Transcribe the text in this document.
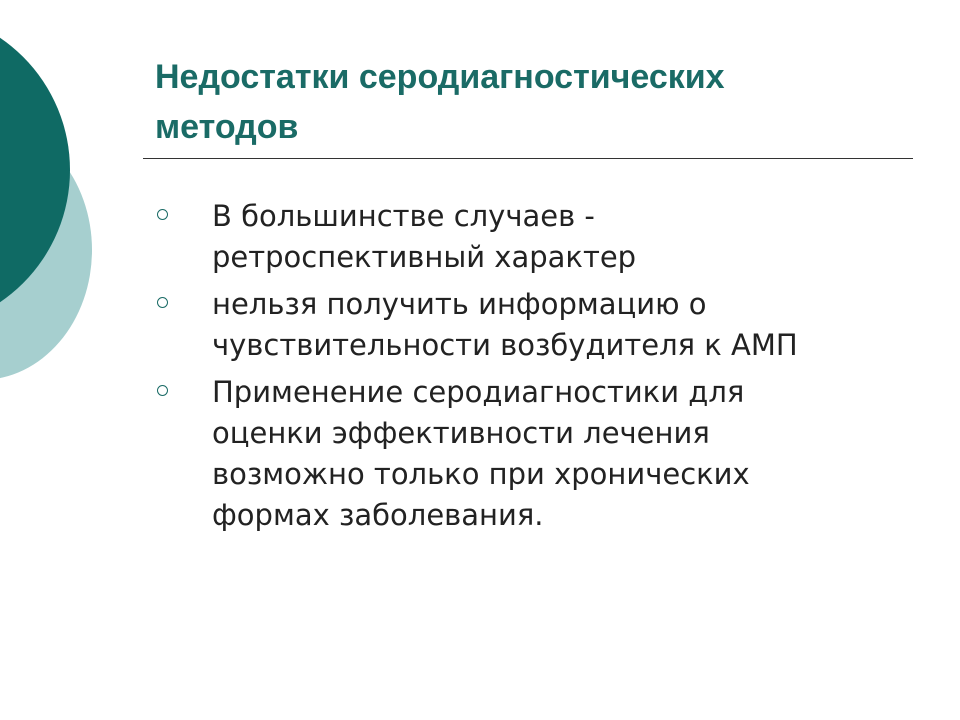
Недостатки серодиагностических
методов
В большинстве случаев -
ретроспективный характер
нельзя получить информацию о
чувствительности возбудителя к АМП
Применение серодиагностики для
оценки эффективности лечения
возможно только при хронических
формах заболевания.
